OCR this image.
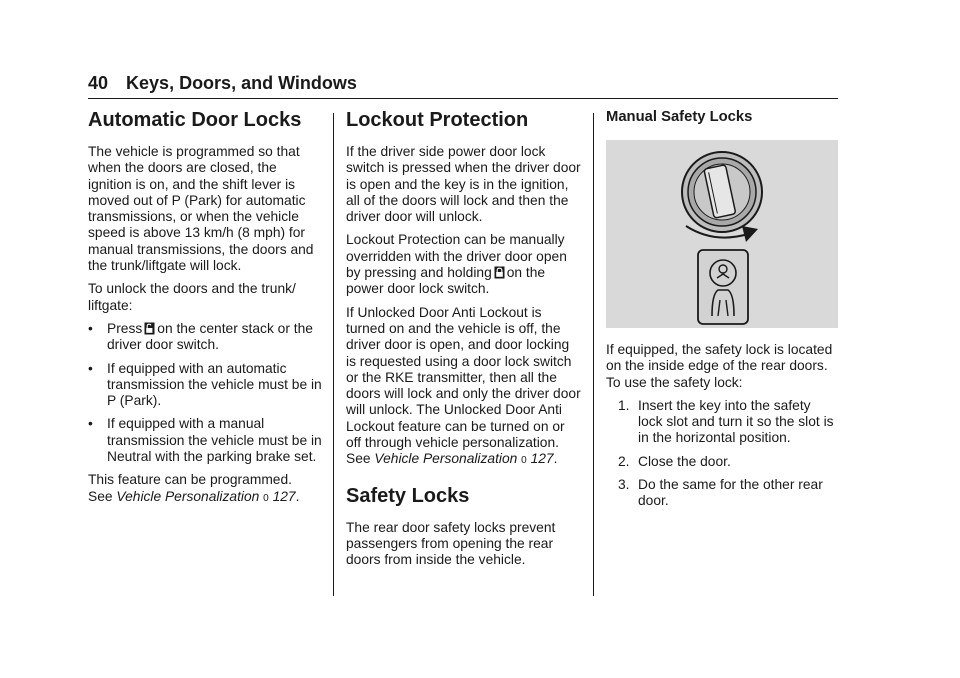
40 Keys, Doors, and Windows
Automatic Door Locks

The vehicle is programmed so that when the doors are closed, the ignition is on, and the shift lever is moved out of P (Park) for automatic transmissions, or when the vehicle speed is above 13 km/h (8 mph) for manual transmissions, the doors and the trunk/liftgate will lock.

To unlock the doors and the trunk/ liftgate:

• Press on the center stack or the driver door switch.
• If equipped with an automatic transmission the vehicle must be in P (Park).
• If equipped with a manual transmission the vehicle must be in Neutral with the parking brake set.

This feature can be programmed.
See Vehicle Personalization 0 127.

Lockout Protection

If the driver side power door lock switch is pressed when the driver door is open and the key is in the ignition, all of the doors will lock and then the driver door will unlock.

Lockout Protection can be manually overridden with the driver door open by pressing and holding on the power door lock switch.

If Unlocked Door Anti Lockout is turned on and the vehicle is off, the driver door is open, and door locking is requested using a door lock switch or the RKE transmitter, then all the doors will lock and only the driver door will unlock. The Unlocked Door Anti Lockout feature can be turned on or off through vehicle personalization. See Vehicle Personalization 0 127.

Safety Locks

The rear door safety locks prevent passengers from opening the rear doors from inside the vehicle.

Manual Safety Locks

If equipped, the safety lock is located on the inside edge of the rear doors. To use the safety lock:

1. Insert the key into the safety lock slot and turn it so the slot is in the horizontal position.
2. Close the door.
3. Do the same for the other rear door.
